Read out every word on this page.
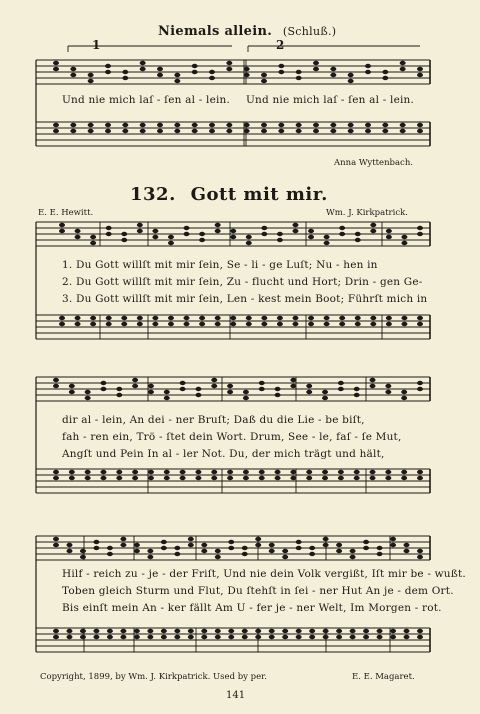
Niemals allein. (Schluß.)
1	2
Und nie mich laſ - ſen al - lein. Und nie mich laſ - ſen al - lein.
Anna Wyttenbach.
132. Gott mit mir.
E. E. Hewitt.	Wm. J. Kirkpatrick.
1. Du Gott willſt mit mir ſein, Se - li - ge Luſt; Nu - hen in
2. Du Gott willſt mit mir ſein, Zu - flucht und Hort; Drin - gen Ge-
3. Du Gott willſt mit mir ſein, Len - kest mein Boot; Führſt mich in
dir al - lein, An dei - ner Bruſt; Daß du die Lie - be biſt,
fah - ren ein, Trö - ſtet dein Wort. Drum, See - le, faſ - ſe Mut,
Angſt und Pein In al - ler Not. Du, der mich trägt und hält,
Hilf - reich zu - je - der Friſt, Und nie dein Volk vergißt, Iſt mir be - wußt.
Toben gleich Sturm und Flut, Du ſtehſt in ſei - ner Hut An je - dem Ort.
Bis einſt mein An - ker fällt Am U - fer je - ner Welt, Im Morgen - rot.
Copyright, 1899, by Wm. J. Kirkpatrick. Used by per.	E. E. Magaret.
141
